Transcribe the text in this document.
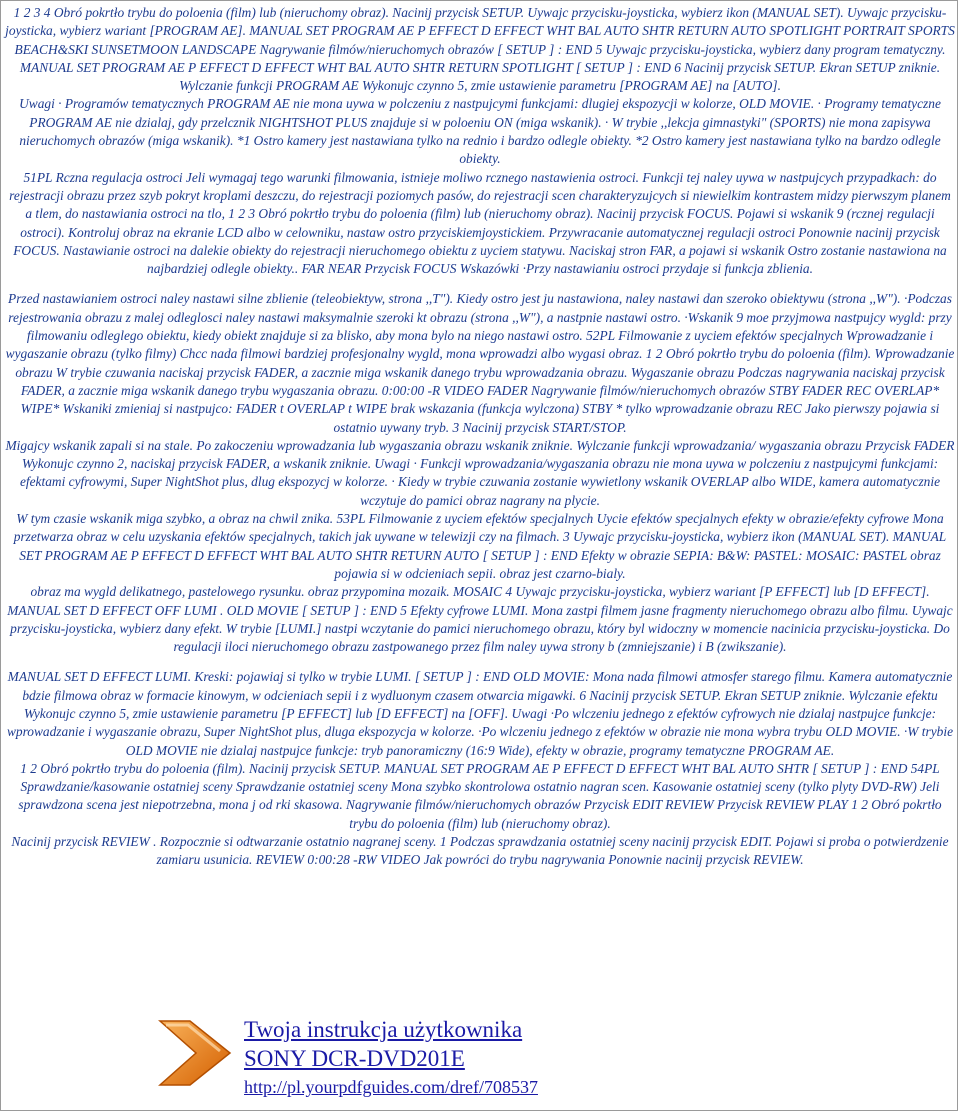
1 2 3 4 Obró pokrtło trybu do poloenia (film) lub (nieruchomy obraz). Nacinij przycisk SETUP. Uywajc przycisku-joysticka, wybierz ikon (MANUAL SET). Uywajc przycisku-joysticka, wybierz wariant [PROGRAM AE]. MANUAL SET PROGRAM AE P EFFECT D EFFECT WHT BAL AUTO SHTR RETURN AUTO SPOTLIGHT PORTRAIT SPORTS BEACH&SKI SUNSETMOON LANDSCAPE Nagrywanie filmów/nieruchomych obrazów [ SETUP ] : END 5 Uywajc przycisku-joysticka, wybierz dany program tematyczny. MANUAL SET PROGRAM AE P EFFECT D EFFECT WHT BAL AUTO SHTR RETURN SPOTLIGHT [ SETUP ] : END 6 Nacinij przycisk SETUP. Ekran SETUP zniknie. Wylczanie funkcji PROGRAM AE Wykonujc czynno 5, zmie ustawienie parametru [PROGRAM AE] na [AUTO].

Uwagi · Programów tematycznych PROGRAM AE nie mona uywa w polczeniu z nastpujcymi funkcjami: dlugiej ekspozycji w kolorze, OLD MOVIE. · Programy tematyczne PROGRAM AE nie dzialaj, gdy przelcznik NIGHTSHOT PLUS znajduje si w poloeniu ON (miga wskanik). · W trybie ,,lekcja gimnastyki" (SPORTS) nie mona zapisywa nieruchomych obrazów (miga wskanik). *1 Ostro kamery jest nastawiana tylko na rednio i bardzo odlegle obiekty. *2 Ostro kamery jest nastawiana tylko na bardzo odlegle obiekty.

51PL Rczna regulacja ostroci Jeli wymagaj tego warunki filmowania, istnieje moliwo rcznego nastawienia ostroci. Funkcji tej naley uywa w nastpujcych przypadkach: do rejestracji obrazu przez szyb pokryt kroplami deszczu, do rejestracji poziomych pasów, do rejestracji scen charakteryzujcych si niewielkim kontrastem midzy pierwszym planem a tlem, do nastawiania ostroci na tlo, 1 2 3 Obró pokrtło trybu do poloenia (film) lub (nieruchomy obraz). Nacinij przycisk FOCUS. Pojawi si wskanik 9 (rcznej regulacji ostroci). Kontroluj obraz na ekranie LCD albo w celowniku, nastaw ostro przyciskiemjoystickiem. Przywracanie automatycznej regulacji ostroci Ponownie nacinij przycisk FOCUS. Nastawianie ostroci na dalekie obiekty do rejestracji nieruchomego obiektu z uyciem statywu. Naciskaj stron FAR, a pojawi si wskanik Ostro zostanie nastawiona na najbardziej odlegle obiekty.. FAR NEAR Przycisk FOCUS Wskazówki ·Przy nastawianiu ostroci przydaje si funkcja zblienia.

Przed nastawianiem ostroci naley nastawi silne zblienie (teleobiektyw, strona ,,T"). Kiedy ostro jest ju nastawiona, naley nastawi dan szeroko obiektywu (strona ,,W"). ·Podczas rejestrowania obrazu z malej odleglosci naley nastawi maksymalnie szeroki kt obrazu (strona ,,W"), a nastpnie nastawi ostro. ·Wskanik 9 moe przyjmowa nastpujcy wygld: przy filmowaniu odleglego obiektu, kiedy obiekt znajduje si za blisko, aby mona bylo na niego nastawi ostro. 52PL Filmowanie z uyciem efektów specjalnych Wprowadzanie i wygaszanie obrazu (tylko filmy) Chcc nada filmowi bardziej profesjonalny wygld, mona wprowadzi albo wygasi obraz. 1 2 Obró pokrtło trybu do poloenia (film). Wprowadzanie obrazu W trybie czuwania naciskaj przycisk FADER, a zacznie miga wskanik danego trybu wprowadzania obrazu. Wygaszanie obrazu Podczas nagrywania naciskaj przycisk FADER, a zacznie miga wskanik danego trybu wygaszania obrazu. 0:00:00 -R VIDEO FADER Nagrywanie filmów/nieruchomych obrazów STBY FADER REC OVERLAP* WIPE* Wskaniki zmieniaj si nastpujco: FADER t OVERLAP t WIPE brak wskazania (funkcja wylczona) STBY * tylko wprowadzanie obrazu REC Jako pierwszy pojawia si ostatnio uywany tryb. 3 Nacinij przycisk START/STOP.

Migajcy wskanik zapali si na stale. Po zakoczeniu wprowadzania lub wygaszania obrazu wskanik zniknie. Wylczanie funkcji wprowadzania/ wygaszania obrazu Przycisk FADER Wykonujc czynno 2, naciskaj przycisk FADER, a wskanik zniknie. Uwagi · Funkcji wprowadzania/wygaszania obrazu nie mona uywa w polczeniu z nastpujcymi funkcjami: efektami cyfrowymi, Super NightShot plus, dlug ekspozycj w kolorze. · Kiedy w trybie czuwania zostanie wywietlony wskanik OVERLAP albo WIDE, kamera automatycznie wczytuje do pamici obraz nagrany na plycie.

W tym czasie wskanik miga szybko, a obraz na chwil znika. 53PL Filmowanie z uyciem efektów specjalnych Uycie efektów specjalnych efekty w obrazie/efekty cyfrowe Mona przetwarza obraz w celu uzyskania efektów specjalnych, takich jak uywane w telewizji czy na filmach. 3 Uywajc przycisku-joysticka, wybierz ikon (MANUAL SET). MANUAL SET PROGRAM AE P EFFECT D EFFECT WHT BAL AUTO SHTR RETURN AUTO [ SETUP ] : END Efekty w obrazie SEPIA: B&W: PASTEL: MOSAIC: PASTEL obraz pojawia si w odcieniach sepii. obraz jest czarno-bialy.

obraz ma wygld delikatnego, pastelowego rysunku. obraz przypomina mozaik. MOSAIC 4 Uywajc przycisku-joysticka, wybierz wariant [P EFFECT] lub [D EFFECT]. MANUAL SET D EFFECT OFF LUMI . OLD MOVIE [ SETUP ] : END 5 Efekty cyfrowe LUMI. Mona zastpi filmem jasne fragmenty nieruchomego obrazu albo filmu. Uywajc przycisku-joysticka, wybierz dany efekt. W trybie [LUMI.] nastpi wczytanie do pamici nieruchomego obrazu, który byl widoczny w momencie nacinicia przycisku-joysticka. Do regulacji iloci nieruchomego obrazu zastpowanego przez film naley uywa strony b (zmniejszanie) i B (zwikszanie).

MANUAL SET D EFFECT LUMI. Kreski: pojawiaj si tylko w trybie LUMI. [ SETUP ] : END OLD MOVIE: Mona nada filmowi atmosfer starego filmu. Kamera automatycznie bdzie filmowa obraz w formacie kinowym, w odcieniach sepii i z wydluonym czasem otwarcia migawki. 6 Nacinij przycisk SETUP. Ekran SETUP zniknie. Wylczanie efektu Wykonujc czynno 5, zmie ustawienie parametru [P EFFECT] lub [D EFFECT] na [OFF]. Uwagi ·Po wlczeniu jednego z efektów cyfrowych nie dzialaj nastpujce funkcje: wprowadzanie i wygaszanie obrazu, Super NightShot plus, dluga ekspozycja w kolorze. ·Po wlczeniu jednego z efektów w obrazie nie mona wybra trybu OLD MOVIE. ·W trybie OLD MOVIE nie dzialaj nastpujce funkcje: tryb panoramiczny (16:9 Wide), efekty w obrazie, programy tematyczne PROGRAM AE.

1 2 Obró pokrtło trybu do poloenia (film). Nacinij przycisk SETUP. MANUAL SET PROGRAM AE P EFFECT D EFFECT WHT BAL AUTO SHTR [ SETUP ] : END 54PL Sprawdzanie/kasowanie ostatniej sceny Sprawdzanie ostatniej sceny Mona szybko skontrolowa ostatnio nagran scen. Kasowanie ostatniej sceny (tylko plyty DVD-RW) Jeli sprawdzona scena jest niepotrzebna, mona j od rki skasowa. Nagrywanie filmów/nieruchomych obrazów Przycisk EDIT REVIEW Przycisk REVIEW PLAY 1 2 Obró pokrtło trybu do poloenia (film) lub (nieruchomy obraz).

Nacinij przycisk REVIEW . Rozpocznie si odtwarzanie ostatnio nagranej sceny. 1 Podczas sprawdzania ostatniej sceny nacinij przycisk EDIT. Pojawi si proba o potwierdzenie zamiaru usunicia. REVIEW 0:00:28 -RW VIDEO Jak powróci do trybu nagrywania Ponownie nacinij przycisk REVIEW.

Twoja instrukcja użytkownika
SONY DCR-DVD201E
http://pl.yourpdfguides.com/dref/708537
